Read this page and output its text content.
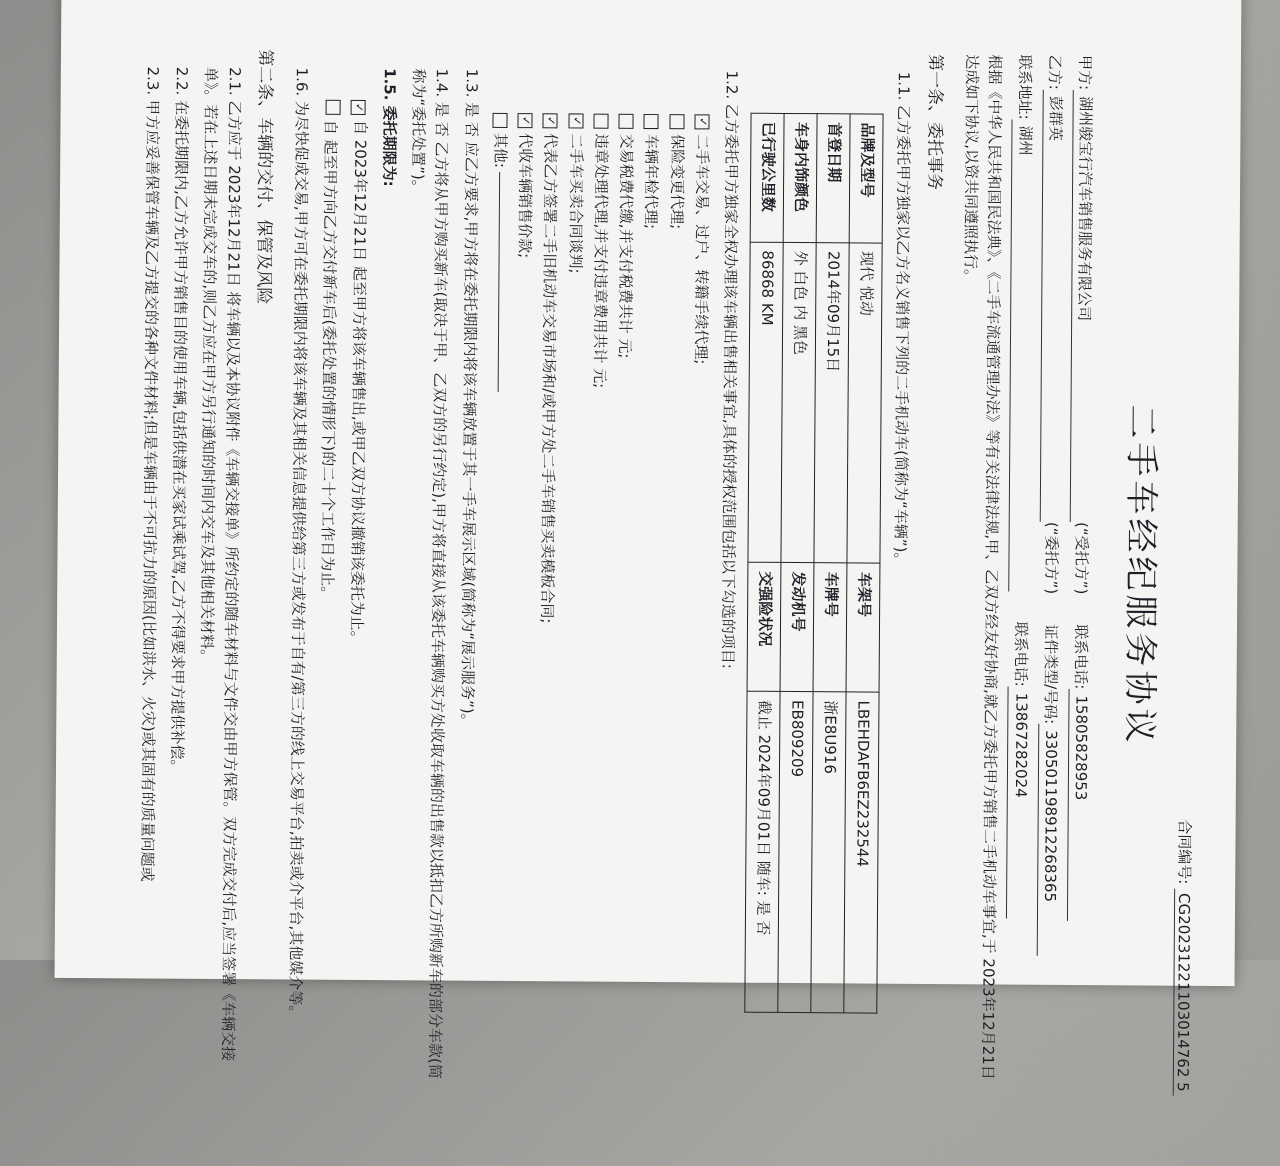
合同编号: CG20231221103014762 5
二手车经纪服务协议
甲方:
湖州骏宝行汽车销售服务有限公司
(“受托方”)
联系电话:
15805828953
乙方:
彭群英
(“委托方”)
证件类型/号码:
330501198912268365
联系地址:
湖州
联系电话:
13867282024

根据《中华人民共和国民法典》、《二手车流通管理办法》等有关法律法规,甲、乙双方经友好协商,就乙方委托甲方销售二手机动车事宜,于 2023年12月21日 达成如下协议,以资共同遵照执行。

第一条、委托事务

1.1. 乙方委托甲方独家以乙方名义销售下列的二手机动车(简称为“车辆”)。

品牌及型号	现代 悦动	车架号	LBEHDAFB6EZ232544
首登日期	2014年09月15日	车牌号	浙E8U916
车身内饰颜色	外 白色 内 黑色	发动机号	EB809209
已行驶公里数	86868 KM	交强险状况	截止 2024年09月01日 随车: 是 否

1.2. 乙方委托甲方独家全权办理该车辆出售相关事宜,具体的授权范围包括以下勾选的项目:

✓
二手车交易、过户、转籍手续代理;
保险变更代理;
车辆年检代理;
交易税费代缴,并支付税费共计 元;
违章处理代理,并支付违章费用共计 元;
✓
二手车买卖合同谈判;
✓
代表乙方签署二手旧机动车交易市场和/或甲方处二手车销售买卖模板合同;
✓
代收车辆销售价款;
其他:

1.3. 是 否 应乙方要求,甲方将在委托期限内将该车辆放置于其一手车展示区域(简称为“展示服务”)。

1.4. 是 否 乙方将从甲方购买新车(取决于甲、乙双方的另行约定),甲方将直接从该委托车辆购买方处收取车辆的出售款以抵扣乙方所购新车的部分车款(简称为“委托处置”)。

1.5. 委托期限为:

✓自 2023年12月21日 起至甲方将该车辆售出,或甲乙双方协议撤销该委托为止。

自 起至甲方向乙方交付新车后(委托处置的情形下)的二十个工作日为止。

1.6. 为尽快促成交易,甲方可在委托期限内将该车辆及其相关信息提供给第三方或发布于自有/第三方的线上交易平台,拍卖或介平台,其他媒介等。

第二条、车辆的交付、保管及风险

2.1. 乙方应于 2023年12月21日 将车辆以及本协议附件《车辆交接单》所约定的随车材料与文件交由甲方保管。双方完成交付后,应当签署《车辆交接单》。若在上述日期未完成交车的,则乙方应在甲方另行通知的时间内交车及其他相关材料。

2.2. 在委托期限内,乙方允许甲方销售目的使用车辆,包括供潜在买家试乘试驾,乙方不得要求甲方提供补偿。

2.3. 甲方应妥善保管车辆及乙方提交的各种文件材料;但是车辆由于不可抗力的原因(比如洪水、火灾)或其固有的质量问题或
